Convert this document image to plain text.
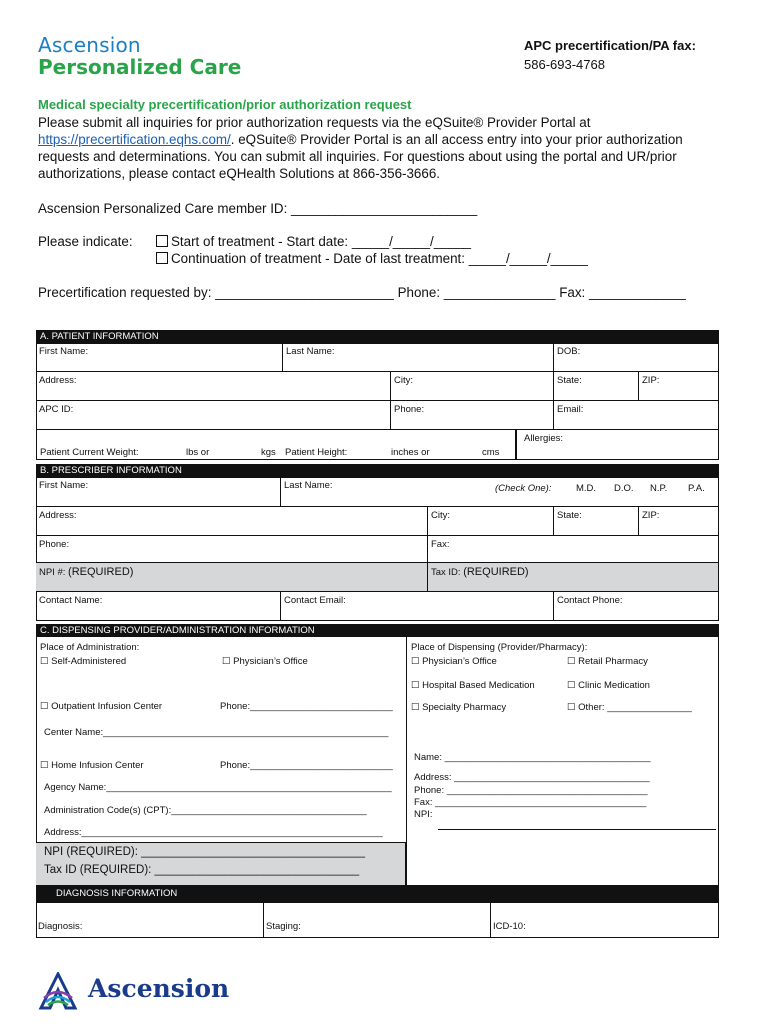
Ascension
Personalized Care
APC precertification/PA fax:
586-693-4768
Medical specialty precertification/prior authorization request
Please submit all inquiries for prior authorization requests via the eQSuite® Provider Portal at
https://precertification.eqhs.com/. eQSuite® Provider Portal is an all access entry into your prior authorization requests and determinations. You can submit all inquiries. For questions about using the portal and UR/prior authorizations, please contact eQHealth Solutions at 866-356-3666.
Ascension Personalized Care member ID: _________________________
Please indicate:	Start of treatment - Start date: _____/_____/_____
Continuation of treatment - Date of last treatment: _____/_____/_____
Precertification requested by: ________________________ Phone: _______________ Fax: _____________
A. PATIENT INFORMATION
First Name:	Last Name:	DOB:
Address:	City:	State:	ZIP:
APC ID:	Phone:	Email:
Patient Current Weight:	lbs or	kgs Patient Height:	inches or	cms
Allergies:
B. PRESCRIBER INFORMATION
First Name:	Last Name:	(Check One):	M.D. D.O. N.P. P.A.
Address:	City:	State:	ZIP:
Phone:	Fax:
NPI #: (REQUIRED)	Tax ID: (REQUIRED)
Contact Name:	Contact Email:	Contact Phone:
C. DISPENSING PROVIDER/ADMINISTRATION INFORMATION
Place of Administration:
☐ Self-Administered	☐ Physician’s Office
☐ Outpatient Infusion Center	Phone:___________________________
Center Name:______________________________________________________
☐ Home Infusion Center	Phone:___________________________
Agency Name:______________________________________________________
Administration Code(s) (CPT):_____________________________________
Address:_________________________________________________________
NPI (REQUIRED): ___________________________________
Tax ID (REQUIRED): ________________________________
Place of Dispensing (Provider/Pharmacy):
☐ Physician’s Office	☐ Retail Pharmacy
☐ Hospital Based Medication	☐ Clinic Medication
☐ Specialty Pharmacy	☐ Other: ________________
Name: _______________________________________
Address: _____________________________________
Phone: ______________________________________
Fax: ________________________________________
NPI:
DIAGNOSIS INFORMATION
Diagnosis:	Staging:	ICD-10:
Ascension
